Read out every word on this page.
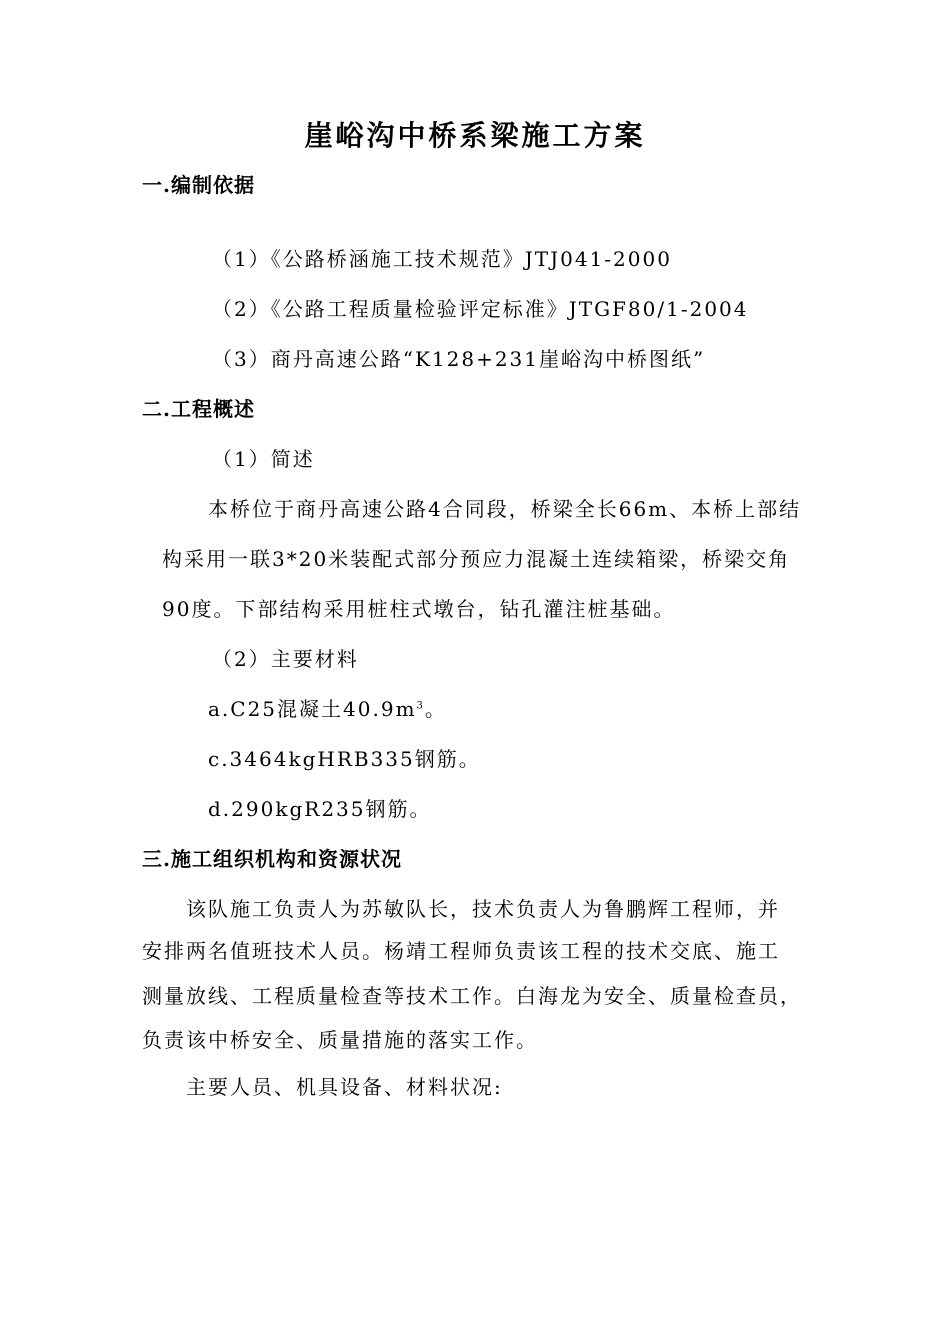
崖峪沟中桥系梁施工方案
一.编制依据
（1）《公路桥涵施工技术规范》JTJ041-2000
（2）《公路工程质量检验评定标准》JTGF80/1-2004
（3）商丹高速公路“K128+231崖峪沟中桥图纸”
二.工程概述
（1）简述
本桥位于商丹高速公路4合同段，桥梁全长66m、本桥上部结
构采用一联3*20米装配式部分预应力混凝土连续箱梁，桥梁交角
90度。下部结构采用桩柱式墩台，钻孔灌注桩基础。
（2）主要材料
a.C25混凝土$40.9m^3$。
c.3464kgHRB335钢筋。
d.290kgR235钢筋。
三.施工组织机构和资源状况
该队施工负责人为苏敏队长，技术负责人为鲁鹏辉工程师，并
安排两名值班技术人员。杨靖工程师负责该工程的技术交底、施工
测量放线、工程质量检查等技术工作。白海龙为安全、质量检查员，
负责该中桥安全、质量措施的落实工作。
主要人员、机具设备、材料状况:
